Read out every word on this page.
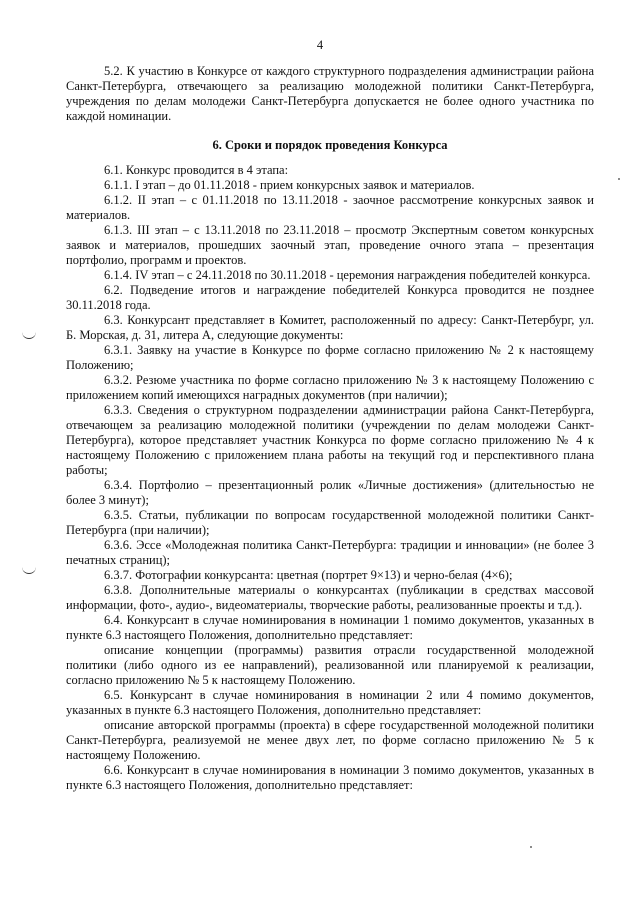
4

5.2. К участию в Конкурсе от каждого структурного подразделения администрации района Санкт-Петербурга, отвечающего за реализацию молодежной политики Санкт-Петербурга, учреждения по делам молодежи Санкт-Петербурга допускается не более одного участника по каждой номинации.

6. Сроки и порядок проведения Конкурса

6.1. Конкурс проводится в 4 этапа:

6.1.1. I этап – до 01.11.2018 - прием конкурсных заявок и материалов.

6.1.2. II этап – с 01.11.2018 по 13.11.2018 - заочное рассмотрение конкурсных заявок и материалов.

6.1.3. III этап – с 13.11.2018 по 23.11.2018 – просмотр Экспертным советом конкурсных заявок и материалов, прошедших заочный этап, проведение очного этапа – презентация портфолио, программ и проектов.

6.1.4. IV этап – с 24.11.2018 по 30.11.2018 - церемония награждения победителей конкурса.

6.2. Подведение итогов и награждение победителей Конкурса проводится не позднее 30.11.2018 года.

6.3. Конкурсант представляет в Комитет, расположенный по адресу: Санкт-Петербург, ул. Б. Морская, д. 31, литера А, следующие документы:

6.3.1. Заявку на участие в Конкурсе по форме согласно приложению № 2 к настоящему Положению;

6.3.2. Резюме участника по форме согласно приложению № 3 к настоящему Положению с приложением копий имеющихся наградных документов (при наличии);

6.3.3. Сведения о структурном подразделении администрации района Санкт-Петербурга, отвечающем за реализацию молодежной политики (учреждении по делам молодежи Санкт-Петербурга), которое представляет участник Конкурса по форме согласно приложению № 4 к настоящему Положению с приложением плана работы на текущий год и перспективного плана работы;

6.3.4. Портфолио – презентационный ролик «Личные достижения» (длительностью не более 3 минут);

6.3.5. Статьи, публикации по вопросам государственной молодежной политики Санкт-Петербурга (при наличии);

6.3.6. Эссе «Молодежная политика Санкт-Петербурга: традиции и инновации» (не более 3 печатных страниц);

6.3.7. Фотографии конкурсанта: цветная (портрет 9×13) и черно-белая (4×6);

6.3.8. Дополнительные материалы о конкурсантах (публикации в средствах массовой информации, фото-, аудио-, видеоматериалы, творческие работы, реализованные проекты и т.д.).

6.4. Конкурсант в случае номинирования в номинации 1 помимо документов, указанных в пункте 6.3 настоящего Положения, дополнительно представляет:

описание концепции (программы) развития отрасли государственной молодежной политики (либо одного из ее направлений), реализованной или планируемой к реализации, согласно приложению № 5 к настоящему Положению.

6.5. Конкурсант в случае номинирования в номинации 2 или 4 помимо документов, указанных в пункте 6.3 настоящего Положения, дополнительно представляет:

описание авторской программы (проекта) в сфере государственной молодежной политики Санкт-Петербурга, реализуемой не менее двух лет, по форме согласно приложению № 5 к настоящему Положению.

6.6. Конкурсант в случае номинирования в номинации 3 помимо документов, указанных в пункте 6.3 настоящего Положения, дополнительно представляет:
